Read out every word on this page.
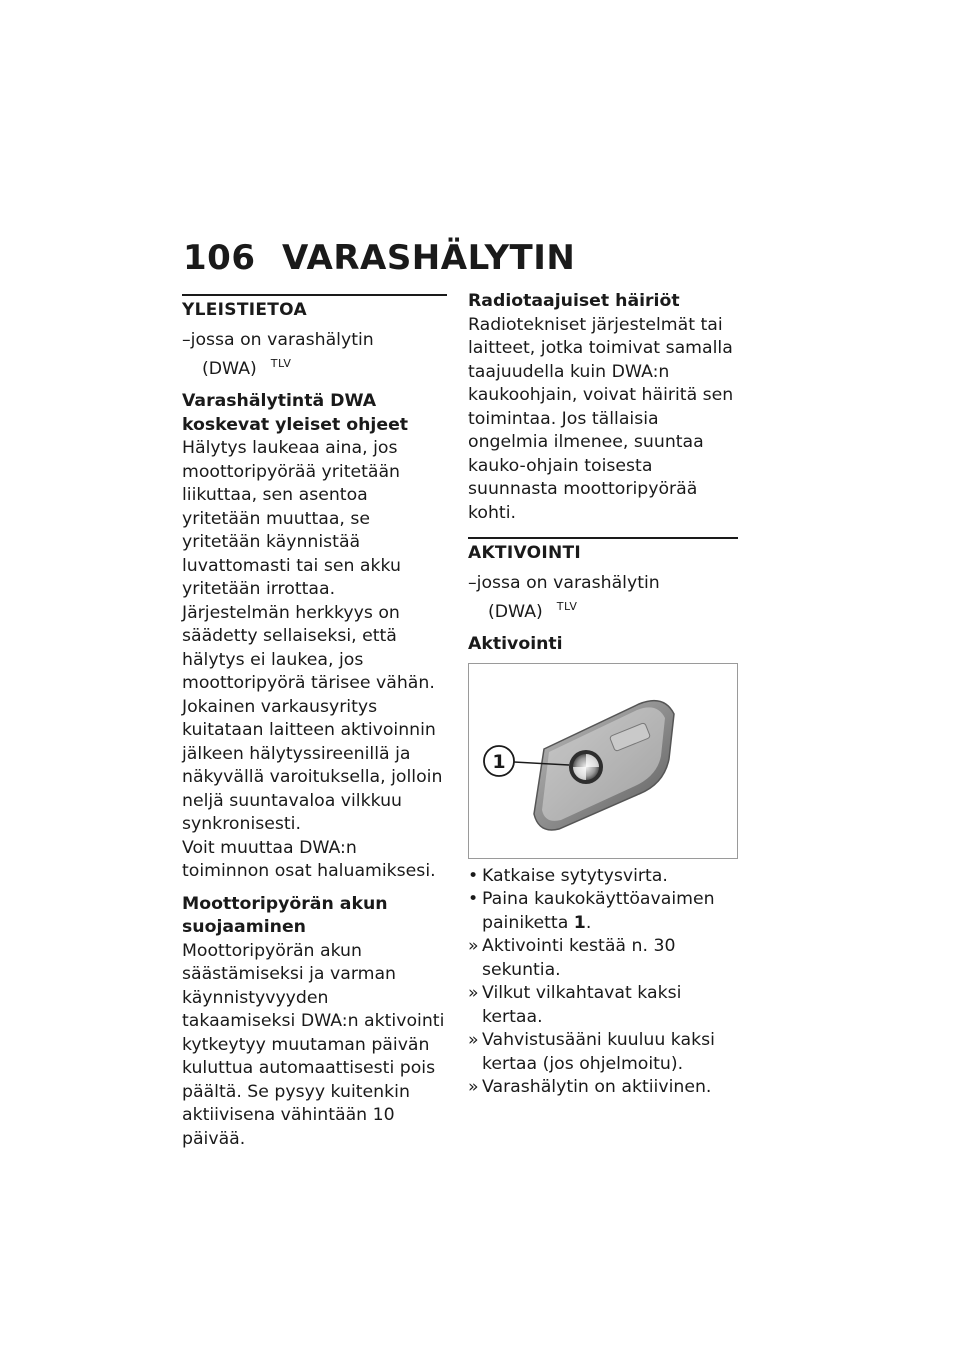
106 VARASHÄLYTIN
YLEISTIETOA

–jossa on varashälytin
(DWA) $^{TLV}$

Varashälytintä DWA koskevat yleiset ohjeet

Hälytys laukeaa aina, jos moottoripyörää yritetään liikuttaa, sen asentoa yritetään muuttaa, se yritetään käynnistää luvattomasti tai sen akku yritetään irrottaa. Järjestelmän herkkyys on säädetty sellaiseksi, että hälytys ei laukea, jos moottoripyörä tärisee vähän. Jokainen varkausyritys kuitataan laitteen aktivoinnin jälkeen hälytyssireenillä ja näkyvällä varoituksella, jolloin neljä suuntavaloa vilkkuu synkronisesti.

Voit muuttaa DWA:n toiminnon osat haluamiksesi.

Moottoripyörän akun suojaaminen

Moottoripyörän akun säästämiseksi ja varman käynnistyvyyden takaamiseksi DWA:n aktivointi kytkeytyy muutaman päivän kuluttua automaattisesti pois päältä. Se pysyy kuitenkin aktiivisena vähintään 10 päivää.

Radiotaajuiset häiriöt

Radiotekniset järjestelmät tai laitteet, jotka toimivat samalla taajuudella kuin DWA:n kaukoohjain, voivat häiritä sen toimintaa. Jos tällaisia ongelmia ilmenee, suuntaa kauko-ohjain toisesta suunnasta moottoripyörää kohti.

AKTIVOINTI

–jossa on varashälytin
(DWA) $^{TLV}$

Aktivointi
1
• Katkaise sytytysvirta.
• Paina kaukokäyttöavaimen painiketta 1.
» Aktivointi kestää n. 30 sekuntia.
» Vilkut vilkahtavat kaksi kertaa.
» Vahvistusääni kuuluu kaksi kertaa (jos ohjelmoitu).
» Varashälytin on aktiivinen.
